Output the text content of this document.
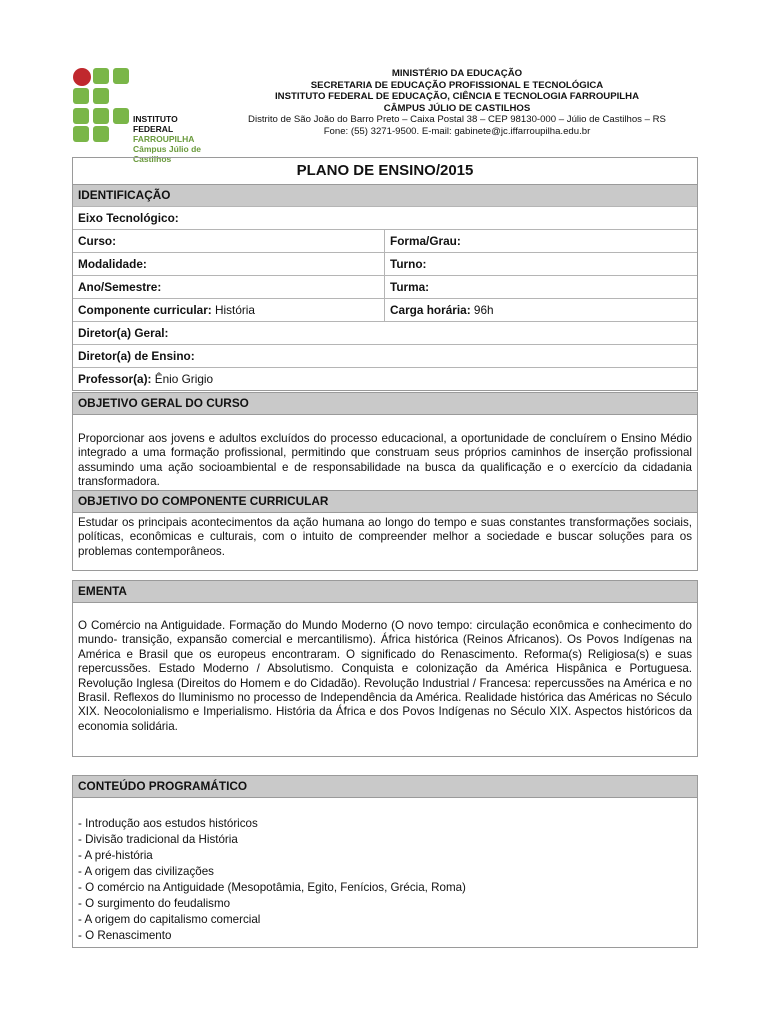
INSTITUTO FEDERAL
FARROUPILHA
Câmpus Júlio de Castilhos
MINISTÉRIO DA EDUCAÇÃO
SECRETARIA DE EDUCAÇÃO PROFISSIONAL E TECNOLÓGICA
INSTITUTO FEDERAL DE EDUCAÇÃO, CIÊNCIA E TECNOLOGIA FARROUPILHA
CÂMPUS JÚLIO DE CASTILHOS
Distrito de São João do Barro Preto – Caixa Postal 38 – CEP 98130-000 – Júlio de Castilhos – RS
Fone: (55) 3271-9500. E-mail: gabinete@jc.iffarroupilha.edu.br
PLANO DE ENSINO/2015
IDENTIFICAÇÃO
Eixo Tecnológico:
Curso:	Forma/Grau:
Modalidade:	Turno:
Ano/Semestre:	Turma:
Componente curricular: História	Carga horária: 96h
Diretor(a) Geral:
Diretor(a) de Ensino:
Professor(a): Ênio Grigio
OBJETIVO GERAL DO CURSO
Proporcionar aos jovens e adultos excluídos do processo educacional, a oportunidade de concluírem o Ensino Médio integrado a uma formação profissional, permitindo que construam seus próprios caminhos de inserção profissional assumindo uma ação socioambiental e de responsabilidade na busca da qualificação e o exercício da cidadania transformadora.
OBJETIVO DO COMPONENTE CURRICULAR
Estudar os principais acontecimentos da ação humana ao longo do tempo e suas constantes transformações sociais, políticas, econômicas e culturais, com o intuito de compreender melhor a sociedade e buscar soluções para os problemas contemporâneos.
EMENTA
O Comércio na Antiguidade. Formação do Mundo Moderno (O novo tempo: circulação econômica e conhecimento do mundo- transição, expansão comercial e mercantilismo). África histórica (Reinos Africanos). Os Povos Indígenas na América e Brasil que os europeus encontraram. O significado do Renascimento. Reforma(s) Religiosa(s) e suas repercussões. Estado Moderno / Absolutismo. Conquista e colonização da América Hispânica e Portuguesa. Revolução Inglesa (Direitos do Homem e do Cidadão). Revolução Industrial / Francesa: repercussões na América e no Brasil. Reflexos do Iluminismo no processo de Independência da América. Realidade histórica das Américas no Século XIX. Neocolonialismo e Imperialismo. História da África e dos Povos Indígenas no Século XIX. Aspectos históricos da economia solidária.
CONTEÚDO PROGRAMÁTICO
- Introdução aos estudos históricos
- Divisão tradicional da História
- A pré-história
- A origem das civilizações
- O comércio na Antiguidade (Mesopotâmia, Egito, Fenícios, Grécia, Roma)
- O surgimento do feudalismo
- A origem do capitalismo comercial
- O Renascimento
